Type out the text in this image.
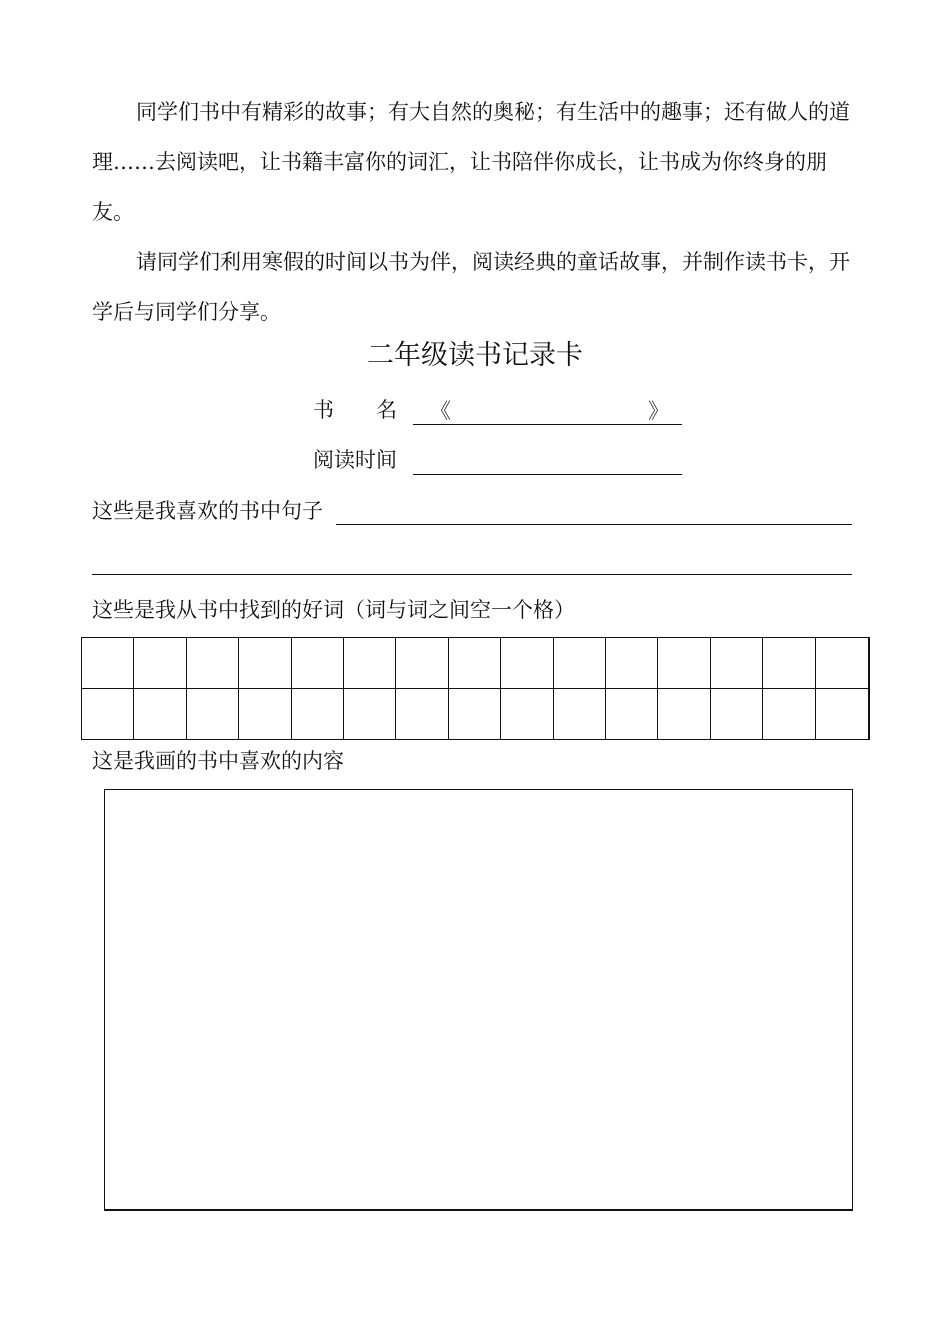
同学们书中有精彩的故事；有大自然的奥秘；有生活中的趣事；还有做人的道理……去阅读吧，让书籍丰富你的词汇，让书陪伴你成长，让书成为你终身的朋友。

请同学们利用寒假的时间以书为伴，阅读经典的童话故事，并制作读书卡，开学后与同学们分享。

二年级读书记录卡
书　　名 《	》
阅读时间
这些是我喜欢的书中句子
这些是我从书中找到的好词（词与词之间空一个格）
这是我画的书中喜欢的内容
